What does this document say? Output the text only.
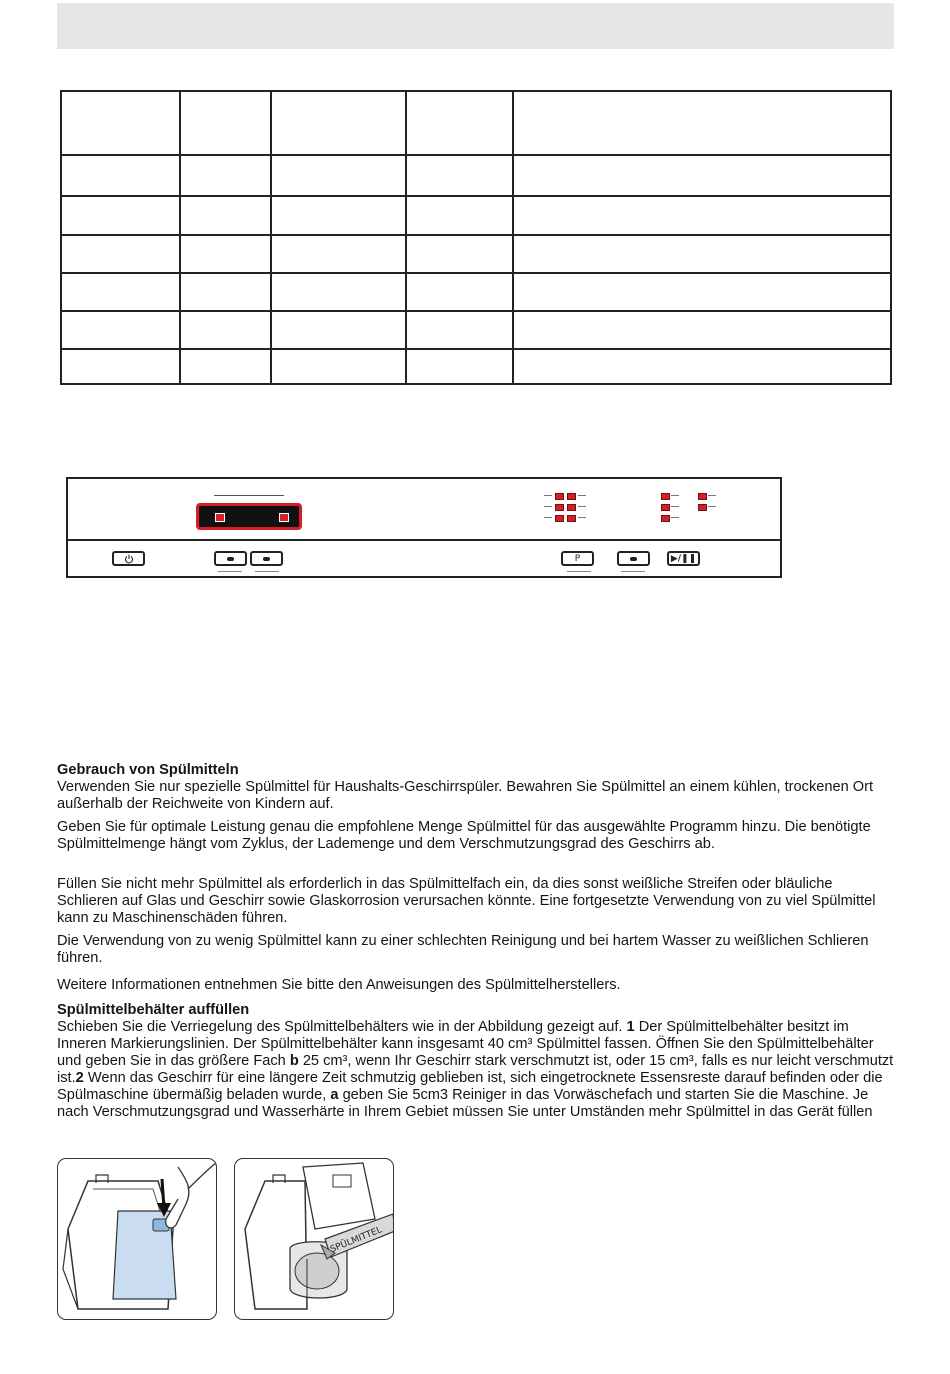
P	▶/❚❚

Gebrauch von Spülmitteln

Verwenden Sie nur spezielle Spülmittel für Haushalts-Geschirrspüler. Bewahren Sie Spülmittel an einem kühlen, trockenen Ort außerhalb der Reichweite von Kindern auf.

Geben Sie für optimale Leistung genau die empfohlene Menge Spülmittel für das ausgewählte Programm hinzu. Die benötigte Spülmittelmenge hängt vom Zyklus, der Lademenge und dem Verschmutzungsgrad des Geschirrs ab.

Füllen Sie nicht mehr Spülmittel als erforderlich in das Spülmittelfach ein, da dies sonst weißliche Streifen oder bläuliche Schlieren auf Glas und Geschirr sowie Glaskorrosion verursachen könnte. Eine fortgesetzte Verwendung von zu viel Spülmittel kann zu Maschinenschäden führen.

Die Verwendung von zu wenig Spülmittel kann zu einer schlechten Reinigung und bei hartem Wasser zu weißlichen Schlieren führen.

Weitere Informationen entnehmen Sie bitte den Anweisungen des Spülmittelherstellers.

Spülmittelbehälter auffüllen

Schieben Sie die Verriegelung des Spülmittelbehälters wie in der Abbildung gezeigt auf. 1 Der Spülmittelbehälter besitzt im Inneren Markierungslinien. Der Spülmittelbehälter kann insgesamt 40 cm³ Spülmittel fassen. Öffnen Sie den Spülmittelbehälter und geben Sie in das größere Fach b 25 cm³, wenn Ihr Geschirr stark verschmutzt ist, oder 15 cm³, falls es nur leicht verschmutzt ist.2 Wenn das Geschirr für eine längere Zeit schmutzig geblieben ist, sich eingetrocknete Essensreste darauf befinden oder die Spülmaschine übermäßig beladen wurde, a geben Sie 5cm3 Reiniger in das Vorwäschefach und starten Sie die Maschine. Je nach Verschmutzungsgrad und Wasserhärte in Ihrem Gebiet müssen Sie unter Umständen mehr Spülmittel in das Gerät füllen

SPÜLMITTEL
